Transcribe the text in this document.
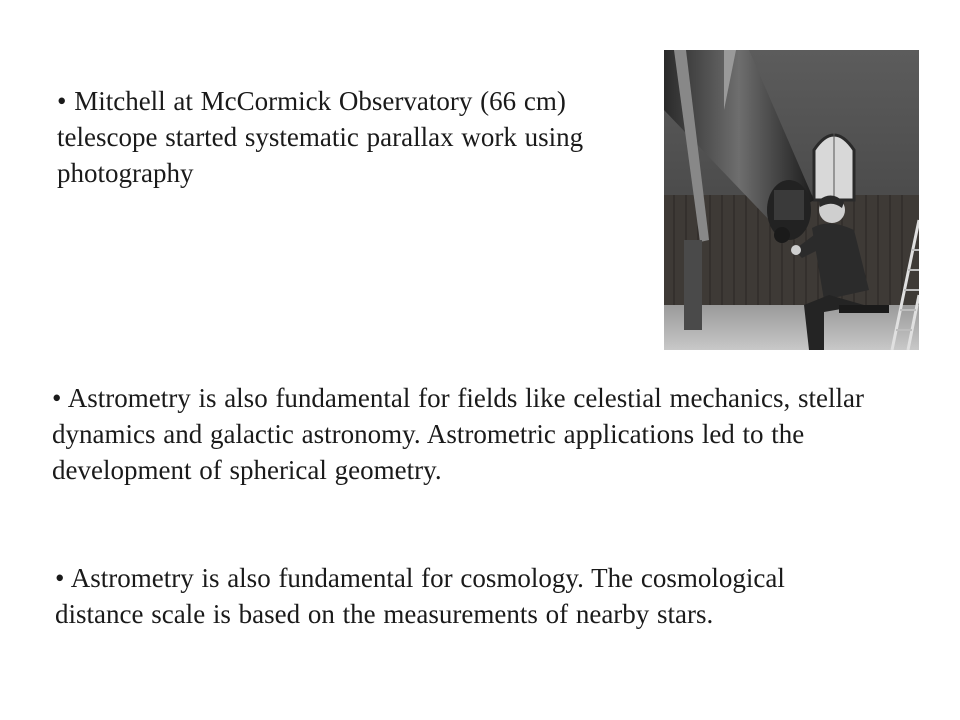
• Mitchell at McCormick Observatory (66 cm) telescope started systematic parallax work using photography

• Astrometry is also fundamental for fields like celestial mechanics, stellar dynamics and galactic astronomy. Astrometric applications led to the development of spherical geometry.

• Astrometry is also fundamental for cosmology. The cosmological distance scale is based on the measurements of nearby stars.
